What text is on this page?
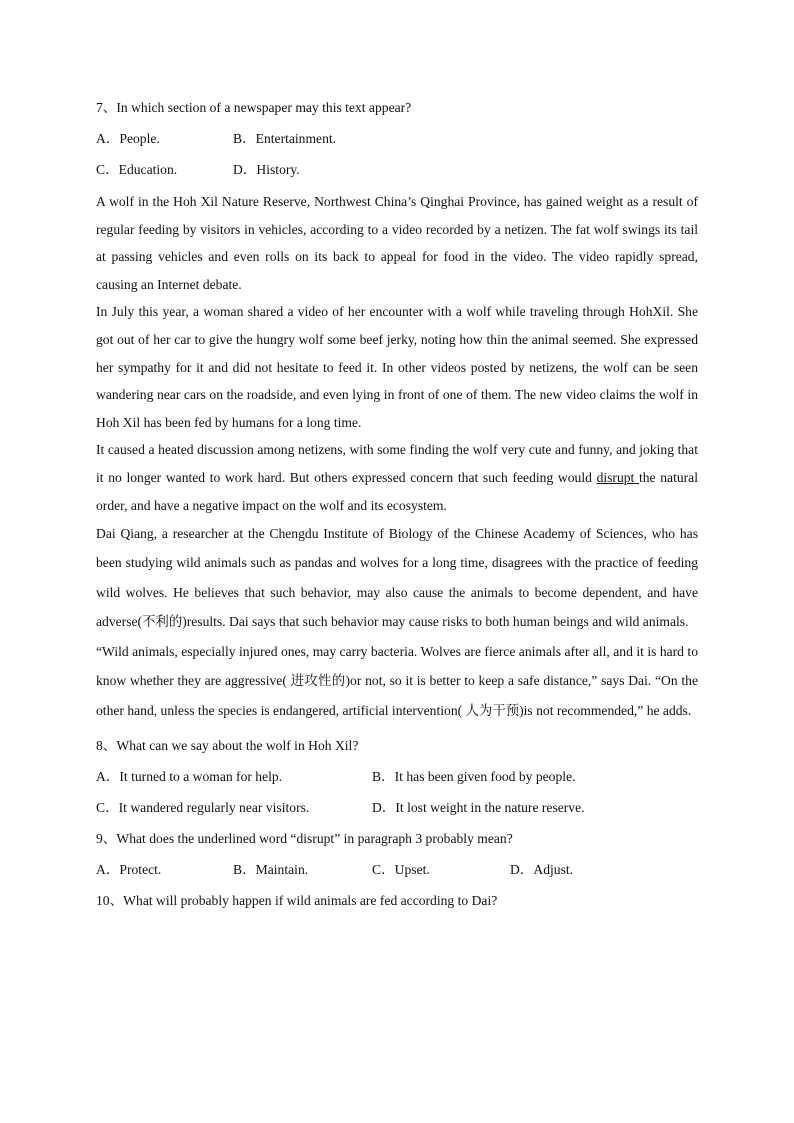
7、In which section of a newspaper may this text appear?
A．People.	B．Entertainment.
C．Education.	D．History.

A wolf in the Hoh Xil Nature Reserve, Northwest China’s Qinghai Province, has gained weight as a result of regular feeding by visitors in vehicles, according to a video recorded by a netizen. The fat wolf swings its tail at passing vehicles and even rolls on its back to appeal for food in the video. The video rapidly spread, causing an Internet debate.

In July this year, a woman shared a video of her encounter with a wolf while traveling through HohXil. She got out of her car to give the hungry wolf some beef jerky, noting how thin the animal seemed. She expressed her sympathy for it and did not hesitate to feed it. In other videos posted by netizens, the wolf can be seen wandering near cars on the roadside, and even lying in front of one of them. The new video claims the wolf in Hoh Xil has been fed by humans for a long time.

It caused a heated discussion among netizens, with some finding the wolf very cute and funny, and joking that it no longer wanted to work hard. But others expressed concern that such feeding would disrupt the natural order, and have a negative impact on the wolf and its ecosystem.

Dai Qiang, a researcher at the Chengdu Institute of Biology of the Chinese Academy of Sciences, who has been studying wild animals such as pandas and wolves for a long time, disagrees with the practice of feeding wild wolves. He believes that such behavior, may also cause the animals to become dependent, and have adverse(不利的)results. Dai says that such behavior may cause risks to both human beings and wild animals.

“Wild animals, especially injured ones, may carry bacteria. Wolves are fierce animals after all, and it is hard to know whether they are aggressive( 进攻性的)or not, so it is better to keep a safe distance,” says Dai. “On the other hand, unless the species is endangered, artificial intervention( 人为干预)is not recommended,” he adds.

8、What can we say about the wolf in Hoh Xil?
A．It turned to a woman for help.	B．It has been given food by people.
C．It wandered regularly near visitors.	D．It lost weight in the nature reserve.
9、What does the underlined word “disrupt” in paragraph 3 probably mean?
A．Protect.	B．Maintain.	C．Upset.	D．Adjust.
10、What will probably happen if wild animals are fed according to Dai?
